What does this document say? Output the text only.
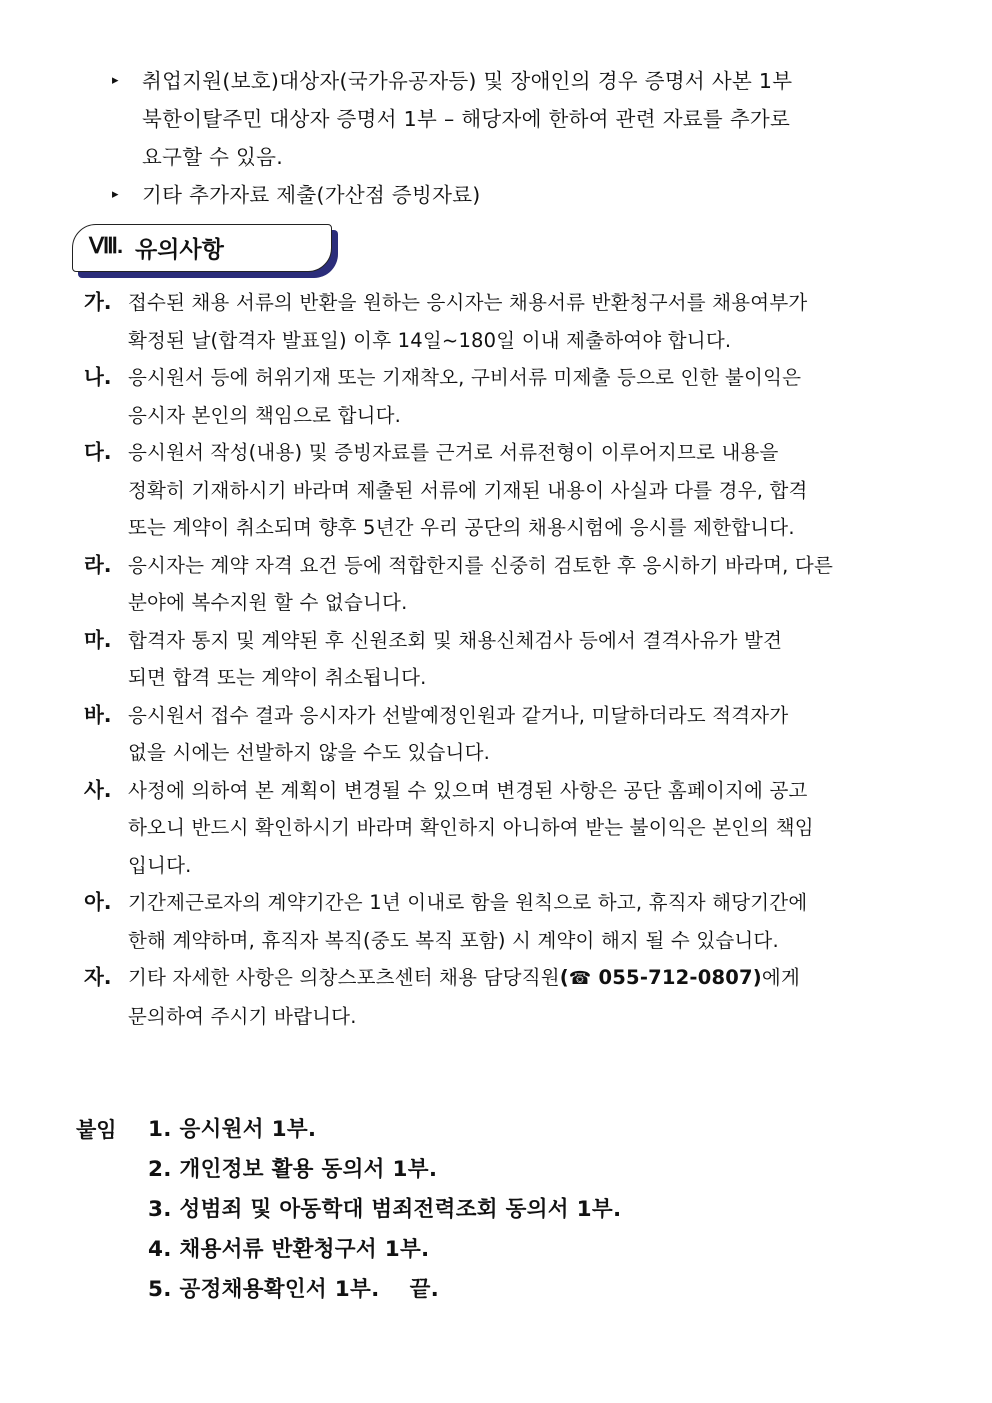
▸ 취업지원(보호)대상자(국가유공자등) 및 장애인의 경우 증명서 사본 1부
북한이탈주민 대상자 증명서 1부 – 해당자에 한하여 관련 자료를 추가로
요구할 수 있음.
▸ 기타 추가자료 제출(가산점 증빙자료)
Ⅷ. 유의사항
가. 접수된 채용 서류의 반환을 원하는 응시자는 채용서류 반환청구서를 채용여부가
확정된 날(합격자 발표일) 이후 14일~180일 이내 제출하여야 합니다.
나. 응시원서 등에 허위기재 또는 기재착오, 구비서류 미제출 등으로 인한 불이익은
응시자 본인의 책임으로 합니다.
다. 응시원서 작성(내용) 및 증빙자료를 근거로 서류전형이 이루어지므로 내용을
정확히 기재하시기 바라며 제출된 서류에 기재된 내용이 사실과 다를 경우, 합격
또는 계약이 취소되며 향후 5년간 우리 공단의 채용시험에 응시를 제한합니다.
라. 응시자는 계약 자격 요건 등에 적합한지를 신중히 검토한 후 응시하기 바라며, 다른
분야에 복수지원 할 수 없습니다.
마. 합격자 통지 및 계약된 후 신원조회 및 채용신체검사 등에서 결격사유가 발견
되면 합격 또는 계약이 취소됩니다.
바. 응시원서 접수 결과 응시자가 선발예정인원과 같거나, 미달하더라도 적격자가
없을 시에는 선발하지 않을 수도 있습니다.
사. 사정에 의하여 본 계획이 변경될 수 있으며 변경된 사항은 공단 홈페이지에 공고
하오니 반드시 확인하시기 바라며 확인하지 아니하여 받는 불이익은 본인의 책임
입니다.
아. 기간제근로자의 계약기간은 1년 이내로 함을 원칙으로 하고, 휴직자 해당기간에
한해 계약하며, 휴직자 복직(중도 복직 포함) 시 계약이 해지 될 수 있습니다.
자. 기타 자세한 사항은 의창스포츠센터 채용 담당직원(☎ 055-712-0807)에게
문의하여 주시기 바랍니다.
붙임 1. 응시원서 1부.
2. 개인정보 활용 동의서 1부.
3. 성범죄 및 아동학대 범죄전력조회 동의서 1부.
4. 채용서류 반환청구서 1부.
5. 공정채용확인서 1부. 끝.
